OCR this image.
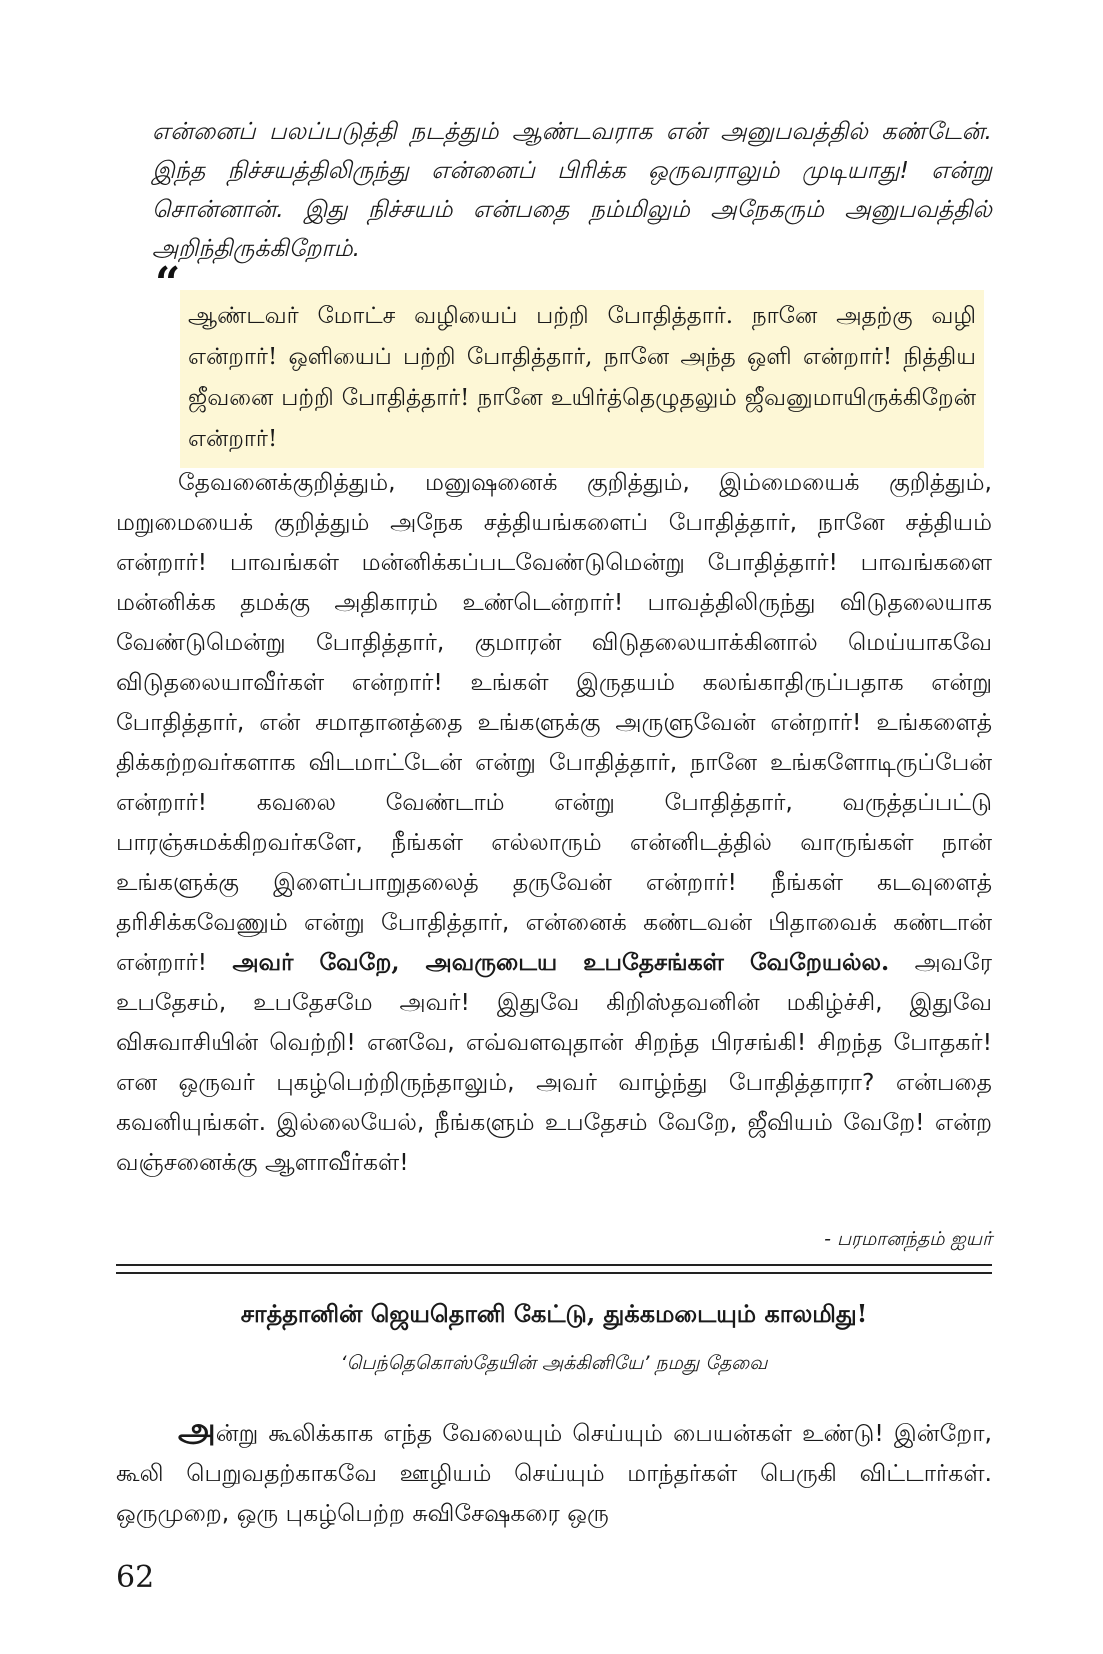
என்னைப் பலப்படுத்தி நடத்தும் ஆண்டவராக என் அனுபவத்தில் கண்டேன். இந்த நிச்சயத்திலிருந்து என்னைப் பிரிக்க ஒருவராலும் முடியாது! என்று சொன்னான். இது நிச்சயம் என்பதை நம்மிலும் அநேகரும் அனுபவத்தில் அறிந்திருக்கிறோம்.

“

ஆண்டவர் மோட்ச வழியைப் பற்றி போதித்தார். நானே அதற்கு வழி என்றார்! ஒளியைப் பற்றி போதித்தார், நானே அந்த ஒளி என்றார்! நித்திய ஜீவனை பற்றி போதித்தார்! நானே உயிர்த்தெழுதலும் ஜீவனுமாயிருக்கிறேன் என்றார்!

தேவனைக்குறித்தும், மனுஷனைக் குறித்தும், இம்மையைக் குறித்தும், மறுமையைக் குறித்தும் அநேக சத்தியங்களைப் போதித்தார், நானே சத்தியம் என்றார்! பாவங்கள் மன்னிக்கப்படவேண்டுமென்று போதித்தார்! பாவங்களை மன்னிக்க தமக்கு அதிகாரம் உண்டென்றார்! பாவத்திலிருந்து விடுதலையாக வேண்டுமென்று போதித்தார், குமாரன் விடுதலையாக்கினால் மெய்யாகவே விடுதலையாவீர்கள் என்றார்! உங்கள் இருதயம் கலங்காதிருப்பதாக என்று போதித்தார், என் சமாதானத்தை உங்களுக்கு அருளுவேன் என்றார்! உங்களைத் திக்கற்றவர்களாக விடமாட்டேன் என்று போதித்தார், நானே உங்களோடிருப்பேன் என்றார்! கவலை வேண்டாம் என்று போதித்தார், வருத்தப்பட்டு பாரஞ்சுமக்கிறவர்களே, நீங்கள் எல்லாரும் என்னிடத்தில் வாருங்கள் நான் உங்களுக்கு இளைப்பாறுதலைத் தருவேன் என்றார்! நீங்கள் கடவுளைத் தரிசிக்கவேணும் என்று போதித்தார், என்னைக் கண்டவன் பிதாவைக் கண்டான் என்றார்! அவர் வேறே, அவருடைய உபதேசங்கள் வேறேயல்ல. அவரே உபதேசம், உபதேசமே அவர்! இதுவே கிறிஸ்தவனின் மகிழ்ச்சி, இதுவே விசுவாசியின் வெற்றி! எனவே, எவ்வளவுதான் சிறந்த பிரசங்கி! சிறந்த போதகர்! என ஒருவர் புகழ்பெற்றிருந்தாலும், அவர் வாழ்ந்து போதித்தாரா? என்பதை கவனியுங்கள். இல்லையேல், நீங்களும் உபதேசம் வேறே, ஜீவியம் வேறே! என்ற வஞ்சனைக்கு ஆளாவீர்கள்!

- பரமானந்தம் ஐயர்
சாத்தானின் ஜெயதொனி கேட்டு, துக்கமடையும் காலமிது!
‘பெந்தெகொஸ்தேயின் அக்கினியே’ நமது தேவை

அன்று கூலிக்காக எந்த வேலையும் செய்யும் பையன்கள் உண்டு! இன்றோ, கூலி பெறுவதற்காகவே ஊழியம் செய்யும் மாந்தர்கள் பெருகி விட்டார்கள். ஒருமுறை, ஒரு புகழ்பெற்ற சுவிசேஷகரை ஒரு

62
